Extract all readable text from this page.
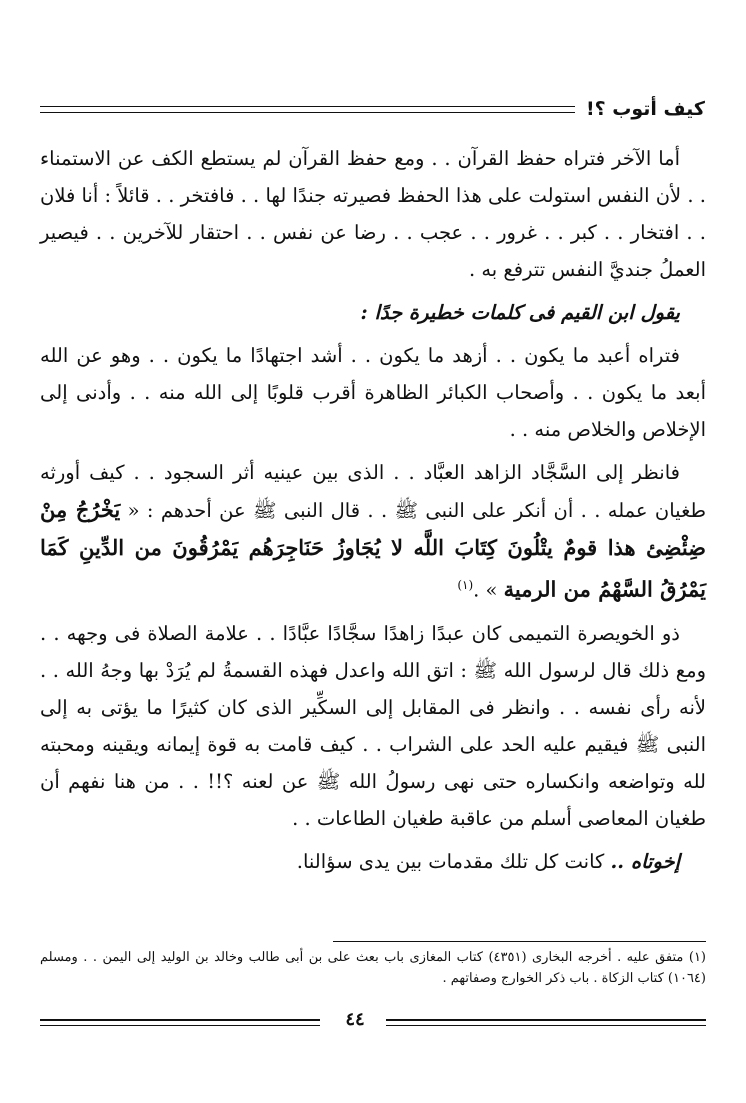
كيف أتوب ؟!

أما الآخر فتراه حفظ القرآن . . ومع حفظ القرآن لم يستطع الكف عن الاستمناء . . لأن النفس استولت على هذا الحفظ فصيرته جندًا لها . . فافتخر . . قائلاً : أنا فلان . . افتخار . . كبر . . غرور . . عجب . . رضا عن نفس . . احتقار للآخرين . . فيصير العملُ جنديَّ النفس تترفع به .

يقول ابن القيم فى كلمات خطيرة جدًا :

فتراه أعبد ما يكون . . أزهد ما يكون . . أشد اجتهادًا ما يكون . . وهو عن الله أبعد ما يكون . . وأصحاب الكبائر الظاهرة أقرب قلوبًا إلى الله منه . . وأدنى إلى الإخلاص والخلاص منه . .

فانظر إلى السَّجَّاد الزاهد العبَّاد . . الذى بين عينيه أثر السجود . . كيف أورثه طغيان عمله . . أن أنكر على النبى ﷺ . . قال النبى ﷺ عن أحدهم : « يَخْرُجُ مِنْ ضِئْضِئ هذا قومٌ يتْلُونَ كِتَابَ اللَّه لا يُجَاوزُ حَنَاجِرَهُم يَمْرُقُونَ من الدِّينِ كَمَا يَمْرُقُ السَّهْمُ من الرمية » .$^{(١)}$

ذو الخويصرة التميمى كان عبدًا زاهدًا سجَّادًا عبَّادًا . . علامة الصلاة فى وجهه . . ومع ذلك قال لرسول الله ﷺ : اتق الله واعدل فهذه القسمةُ لم يُرَدْ بها وجهُ الله . . لأنه رأى نفسه . . وانظر فى المقابل إلى السكِّير الذى كان كثيرًا ما يؤتى به إلى النبى ﷺ فيقيم عليه الحد على الشراب . . كيف قامت به قوة إيمانه ويقينه ومحبته لله وتواضعه وانكساره حتى نهى رسولُ الله ﷺ عن لعنه ؟!! . . من هنا نفهم أن طغيان المعاصى أسلم من عاقبة طغيان الطاعات . .

إخوتاه .. كانت كل تلك مقدمات بين يدى سؤالنا.

(١) متفق عليه . أخرجه البخارى (٤٣٥١) كتاب المغازى باب بعث على بن أبى طالب وخالد بن الوليد إلى اليمن . . ومسلم (١٠٦٤) كتاب الزكاة . باب ذكر الخوارج وصفاتهم .
٤٤
